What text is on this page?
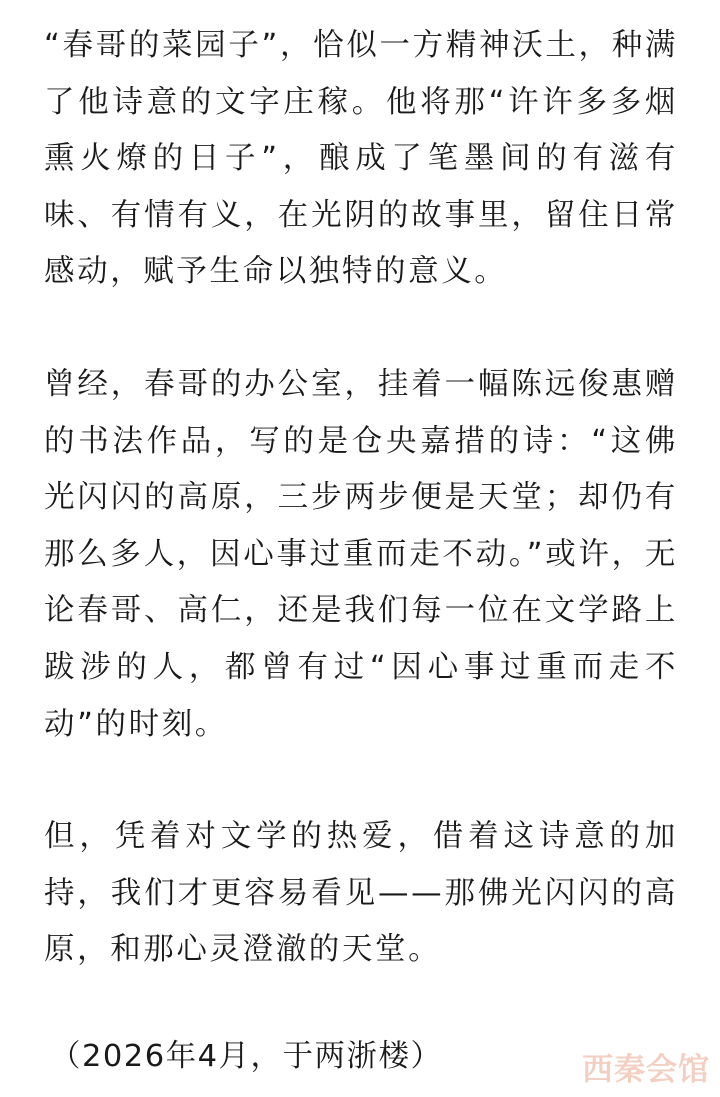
“春哥的菜园子”，恰似一方精神沃土，种满了他诗意的文字庄稼。他将那“许许多多烟熏火燎的日子”，酿成了笔墨间的有滋有味、有情有义，在光阴的故事里，留住日常感动，赋予生命以独特的意义。

曾经，春哥的办公室，挂着一幅陈远俊惠赠的书法作品，写的是仓央嘉措的诗：“这佛光闪闪的高原，三步两步便是天堂；却仍有那么多人，因心事过重而走不动。”或许，无论春哥、高仁，还是我们每一位在文学路上跋涉的人，都曾有过“因心事过重而走不动”的时刻。

但，凭着对文学的热爱，借着这诗意的加持，我们才更容易看见——那佛光闪闪的高原，和那心灵澄澈的天堂。

（2026年4月，于两浙楼）	西秦会馆
